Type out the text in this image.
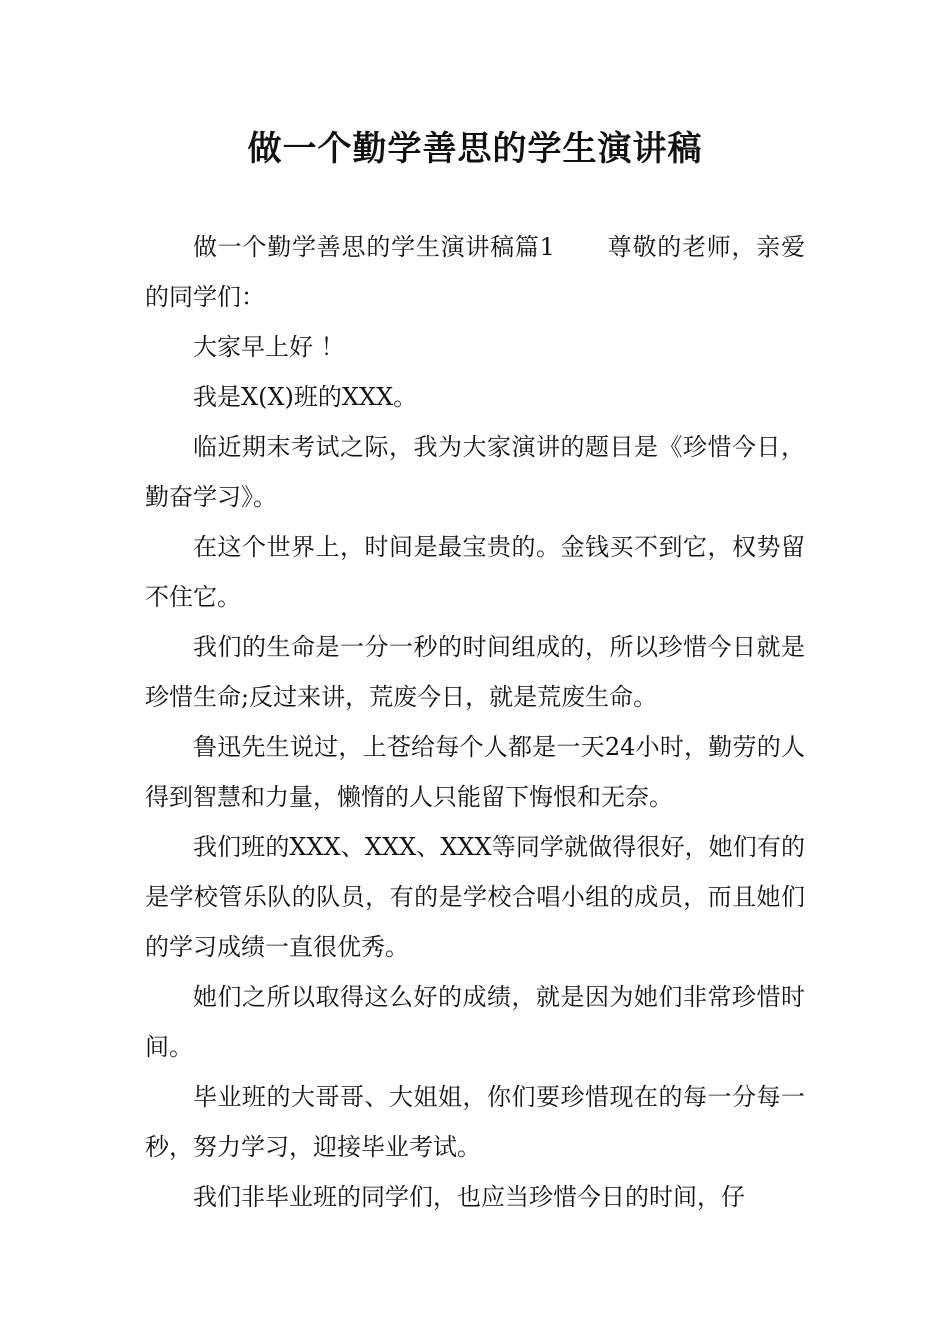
做一个勤学善思的学生演讲稿

做一个勤学善思的学生演讲稿篇1 尊敬的老师，亲爱的同学们：

大家早上好 ！

我是X(X)班的XXX。

临近期末考试之际，我为大家演讲的题目是《珍惜今日，勤奋学习》。

在这个世界上，时间是最宝贵的。金钱买不到它，权势留不住它。

我们的生命是一分一秒的时间组成的，所以珍惜今日就是珍惜生命;反过来讲，荒废今日，就是荒废生命。

鲁迅先生说过，上苍给每个人都是一天24小时，勤劳的人得到智慧和力量，懒惰的人只能留下悔恨和无奈。

我们班的XXX、XXX、XXX等同学就做得很好，她们有的是学校管乐队的队员，有的是学校合唱小组的成员，而且她们的学习成绩一直很优秀。

她们之所以取得这么好的成绩，就是因为她们非常珍惜时间。

毕业班的大哥哥、大姐姐，你们要珍惜现在的每一分每一秒，努力学习，迎接毕业考试。

我们非毕业班的同学们，也应当珍惜今日的时间，仔
